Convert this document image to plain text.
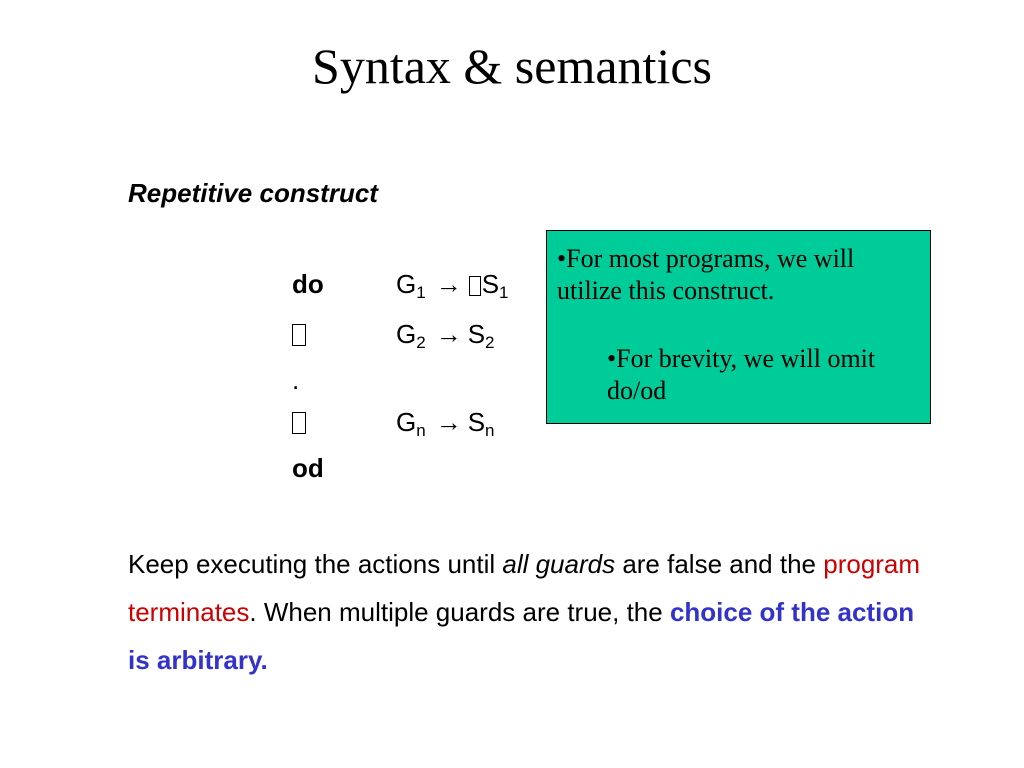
Syntax & semantics
Repetitive construct
do
.
od
$G_1 \to S_1$
$G_2 \to S_2$
$G_n \to S_n$
•For most programs, we will utilize this construct.
•For brevity, we will omit do/od
Keep executing the actions until all guards are false and the program terminates. When multiple guards are true, the choice of the action is arbitrary.
